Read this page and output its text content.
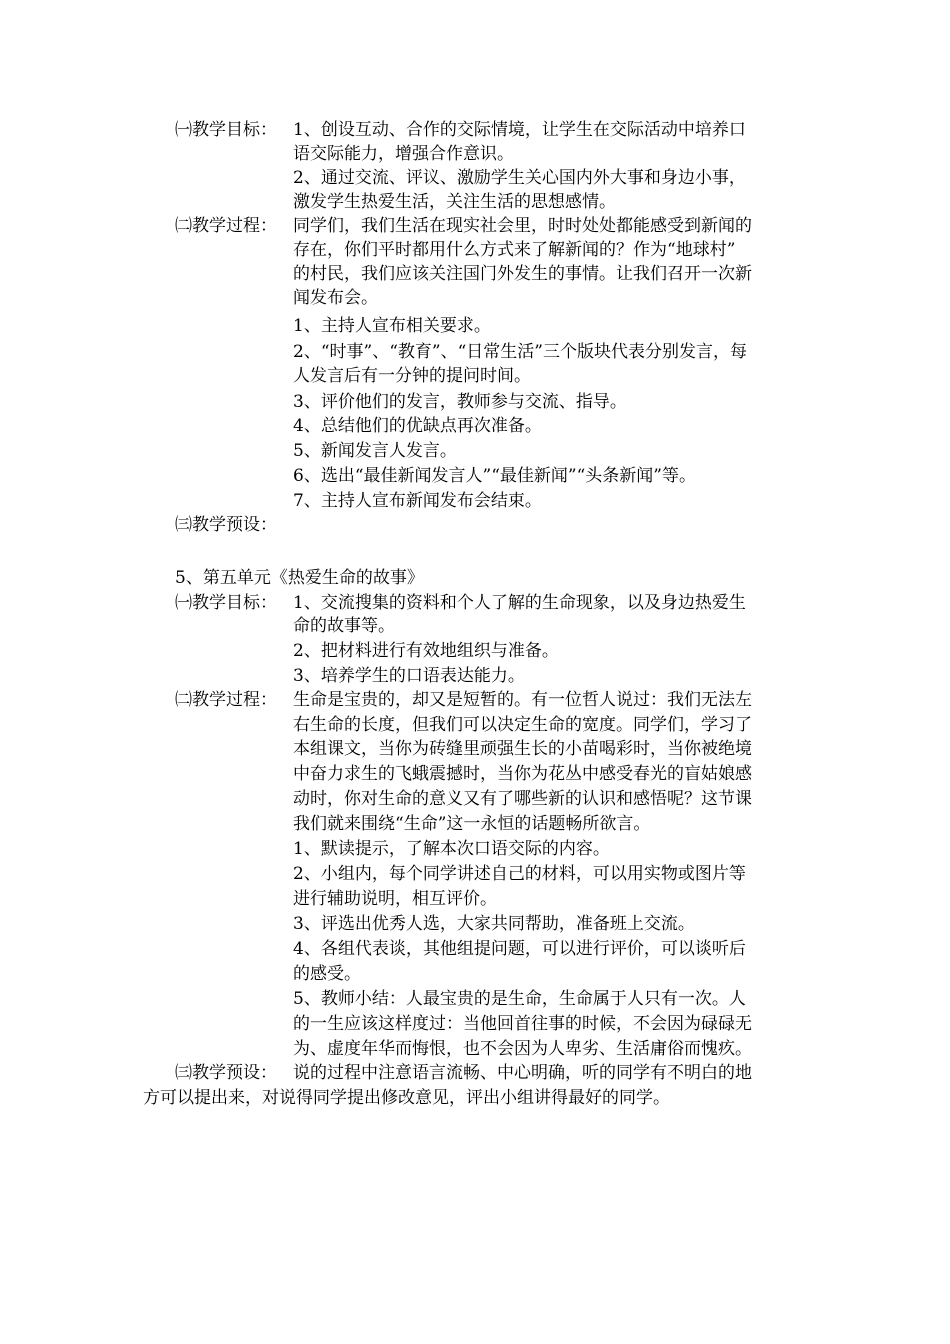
㈠教学目标： 1、创设互动、合作的交际情境，让学生在交际活动中培养口
语交际能力，增强合作意识。
2、通过交流、评议、激励学生关心国内外大事和身边小事，
激发学生热爱生活，关注生活的思想感情。
㈡教学过程： 同学们，我们生活在现实社会里，时时处处都能感受到新闻的
存在，你们平时都用什么方式来了解新闻的？作为“地球村”
的村民，我们应该关注国门外发生的事情。让我们召开一次新
闻发布会。
1、主持人宣布相关要求。
2、“时事”、“教育”、“日常生活”三个版块代表分别发言，每
人发言后有一分钟的提问时间。
3、评价他们的发言，教师参与交流、指导。
4、总结他们的优缺点再次准备。
5、新闻发言人发言。
6、选出“最佳新闻发言人”“最佳新闻”“头条新闻”等。
7、主持人宣布新闻发布会结束。
㈢教学预设：
5、第五单元《热爱生命的故事》
㈠教学目标： 1、交流搜集的资料和个人了解的生命现象，以及身边热爱生
命的故事等。
2、把材料进行有效地组织与准备。
3、培养学生的口语表达能力。
㈡教学过程： 生命是宝贵的，却又是短暂的。有一位哲人说过：我们无法左
右生命的长度，但我们可以决定生命的宽度。同学们，学习了
本组课文，当你为砖缝里顽强生长的小苗喝彩时，当你被绝境
中奋力求生的飞蛾震撼时，当你为花丛中感受春光的盲姑娘感
动时，你对生命的意义又有了哪些新的认识和感悟呢？这节课
我们就来围绕“生命”这一永恒的话题畅所欲言。
1、默读提示，了解本次口语交际的内容。
2、小组内，每个同学讲述自己的材料，可以用实物或图片等
进行辅助说明，相互评价。
3、评选出优秀人选，大家共同帮助，准备班上交流。
4、各组代表谈，其他组提问题，可以进行评价，可以谈听后
的感受。
5、教师小结：人最宝贵的是生命，生命属于人只有一次。人
的一生应该这样度过：当他回首往事的时候，不会因为碌碌无
为、虚度年华而悔恨，也不会因为人卑劣、生活庸俗而愧疚。
㈢教学预设： 说的过程中注意语言流畅、中心明确，听的同学有不明白的地
方可以提出来，对说得同学提出修改意见，评出小组讲得最好的同学。
